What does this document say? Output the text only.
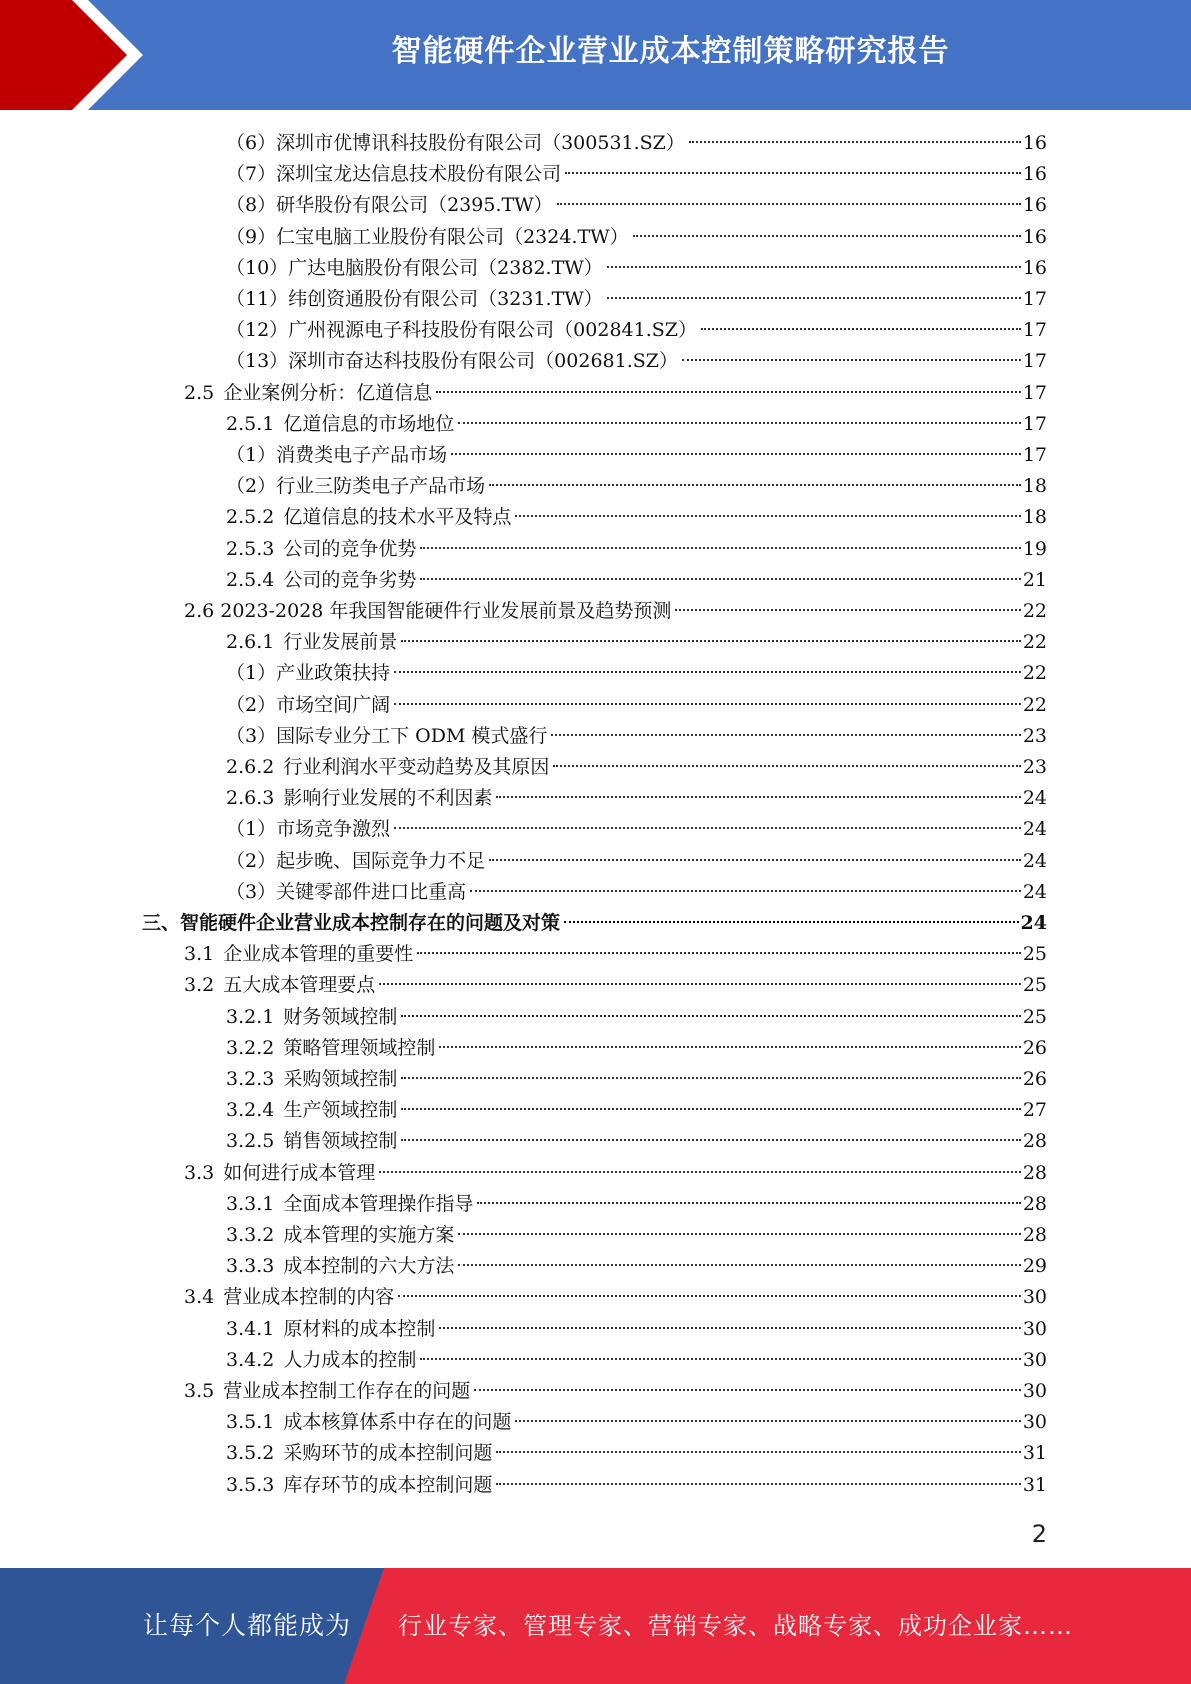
智能硬件企业营业成本控制策略研究报告
（6）深圳市优博讯科技股份有限公司（300531.SZ）	16
（7）深圳宝龙达信息技术股份有限公司	16
（8）研华股份有限公司（2395.TW）	16
（9）仁宝电脑工业股份有限公司（2324.TW）	16
（10）广达电脑股份有限公司（2382.TW）	16
（11）纬创资通股份有限公司（3231.TW）	17
（12）广州视源电子科技股份有限公司（002841.SZ）	17
（13）深圳市奋达科技股份有限公司（002681.SZ）	17
2.5 企业案例分析：亿道信息	17
2.5.1 亿道信息的市场地位	17
（1）消费类电子产品市场	17
（2）行业三防类电子产品市场	18
2.5.2 亿道信息的技术水平及特点	18
2.5.3 公司的竞争优势	19
2.5.4 公司的竞争劣势	21
2.6 2023-2028 年我国智能硬件行业发展前景及趋势预测	22
2.6.1 行业发展前景	22
（1）产业政策扶持	22
（2）市场空间广阔	22
（3）国际专业分工下 ODM 模式盛行	23
2.6.2 行业利润水平变动趋势及其原因	23
2.6.3 影响行业发展的不利因素	24
（1）市场竞争激烈	24
（2）起步晚、国际竞争力不足	24
（3）关键零部件进口比重高	24
三、智能硬件企业营业成本控制存在的问题及对策	24
3.1 企业成本管理的重要性	25
3.2 五大成本管理要点	25
3.2.1 财务领域控制	25
3.2.2 策略管理领域控制	26
3.2.3 采购领域控制	26
3.2.4 生产领域控制	27
3.2.5 销售领域控制	28
3.3 如何进行成本管理	28
3.3.1 全面成本管理操作指导	28
3.3.2 成本管理的实施方案	28
3.3.3 成本控制的六大方法	29
3.4 营业成本控制的内容	30
3.4.1 原材料的成本控制	30
3.4.2 人力成本的控制	30
3.5 营业成本控制工作存在的问题	30
3.5.1 成本核算体系中存在的问题	30
3.5.2 采购环节的成本控制问题	31
3.5.3 库存环节的成本控制问题	31
2
让每个人都能成为 行业专家、管理专家、营销专家、战略专家、成功企业家……
